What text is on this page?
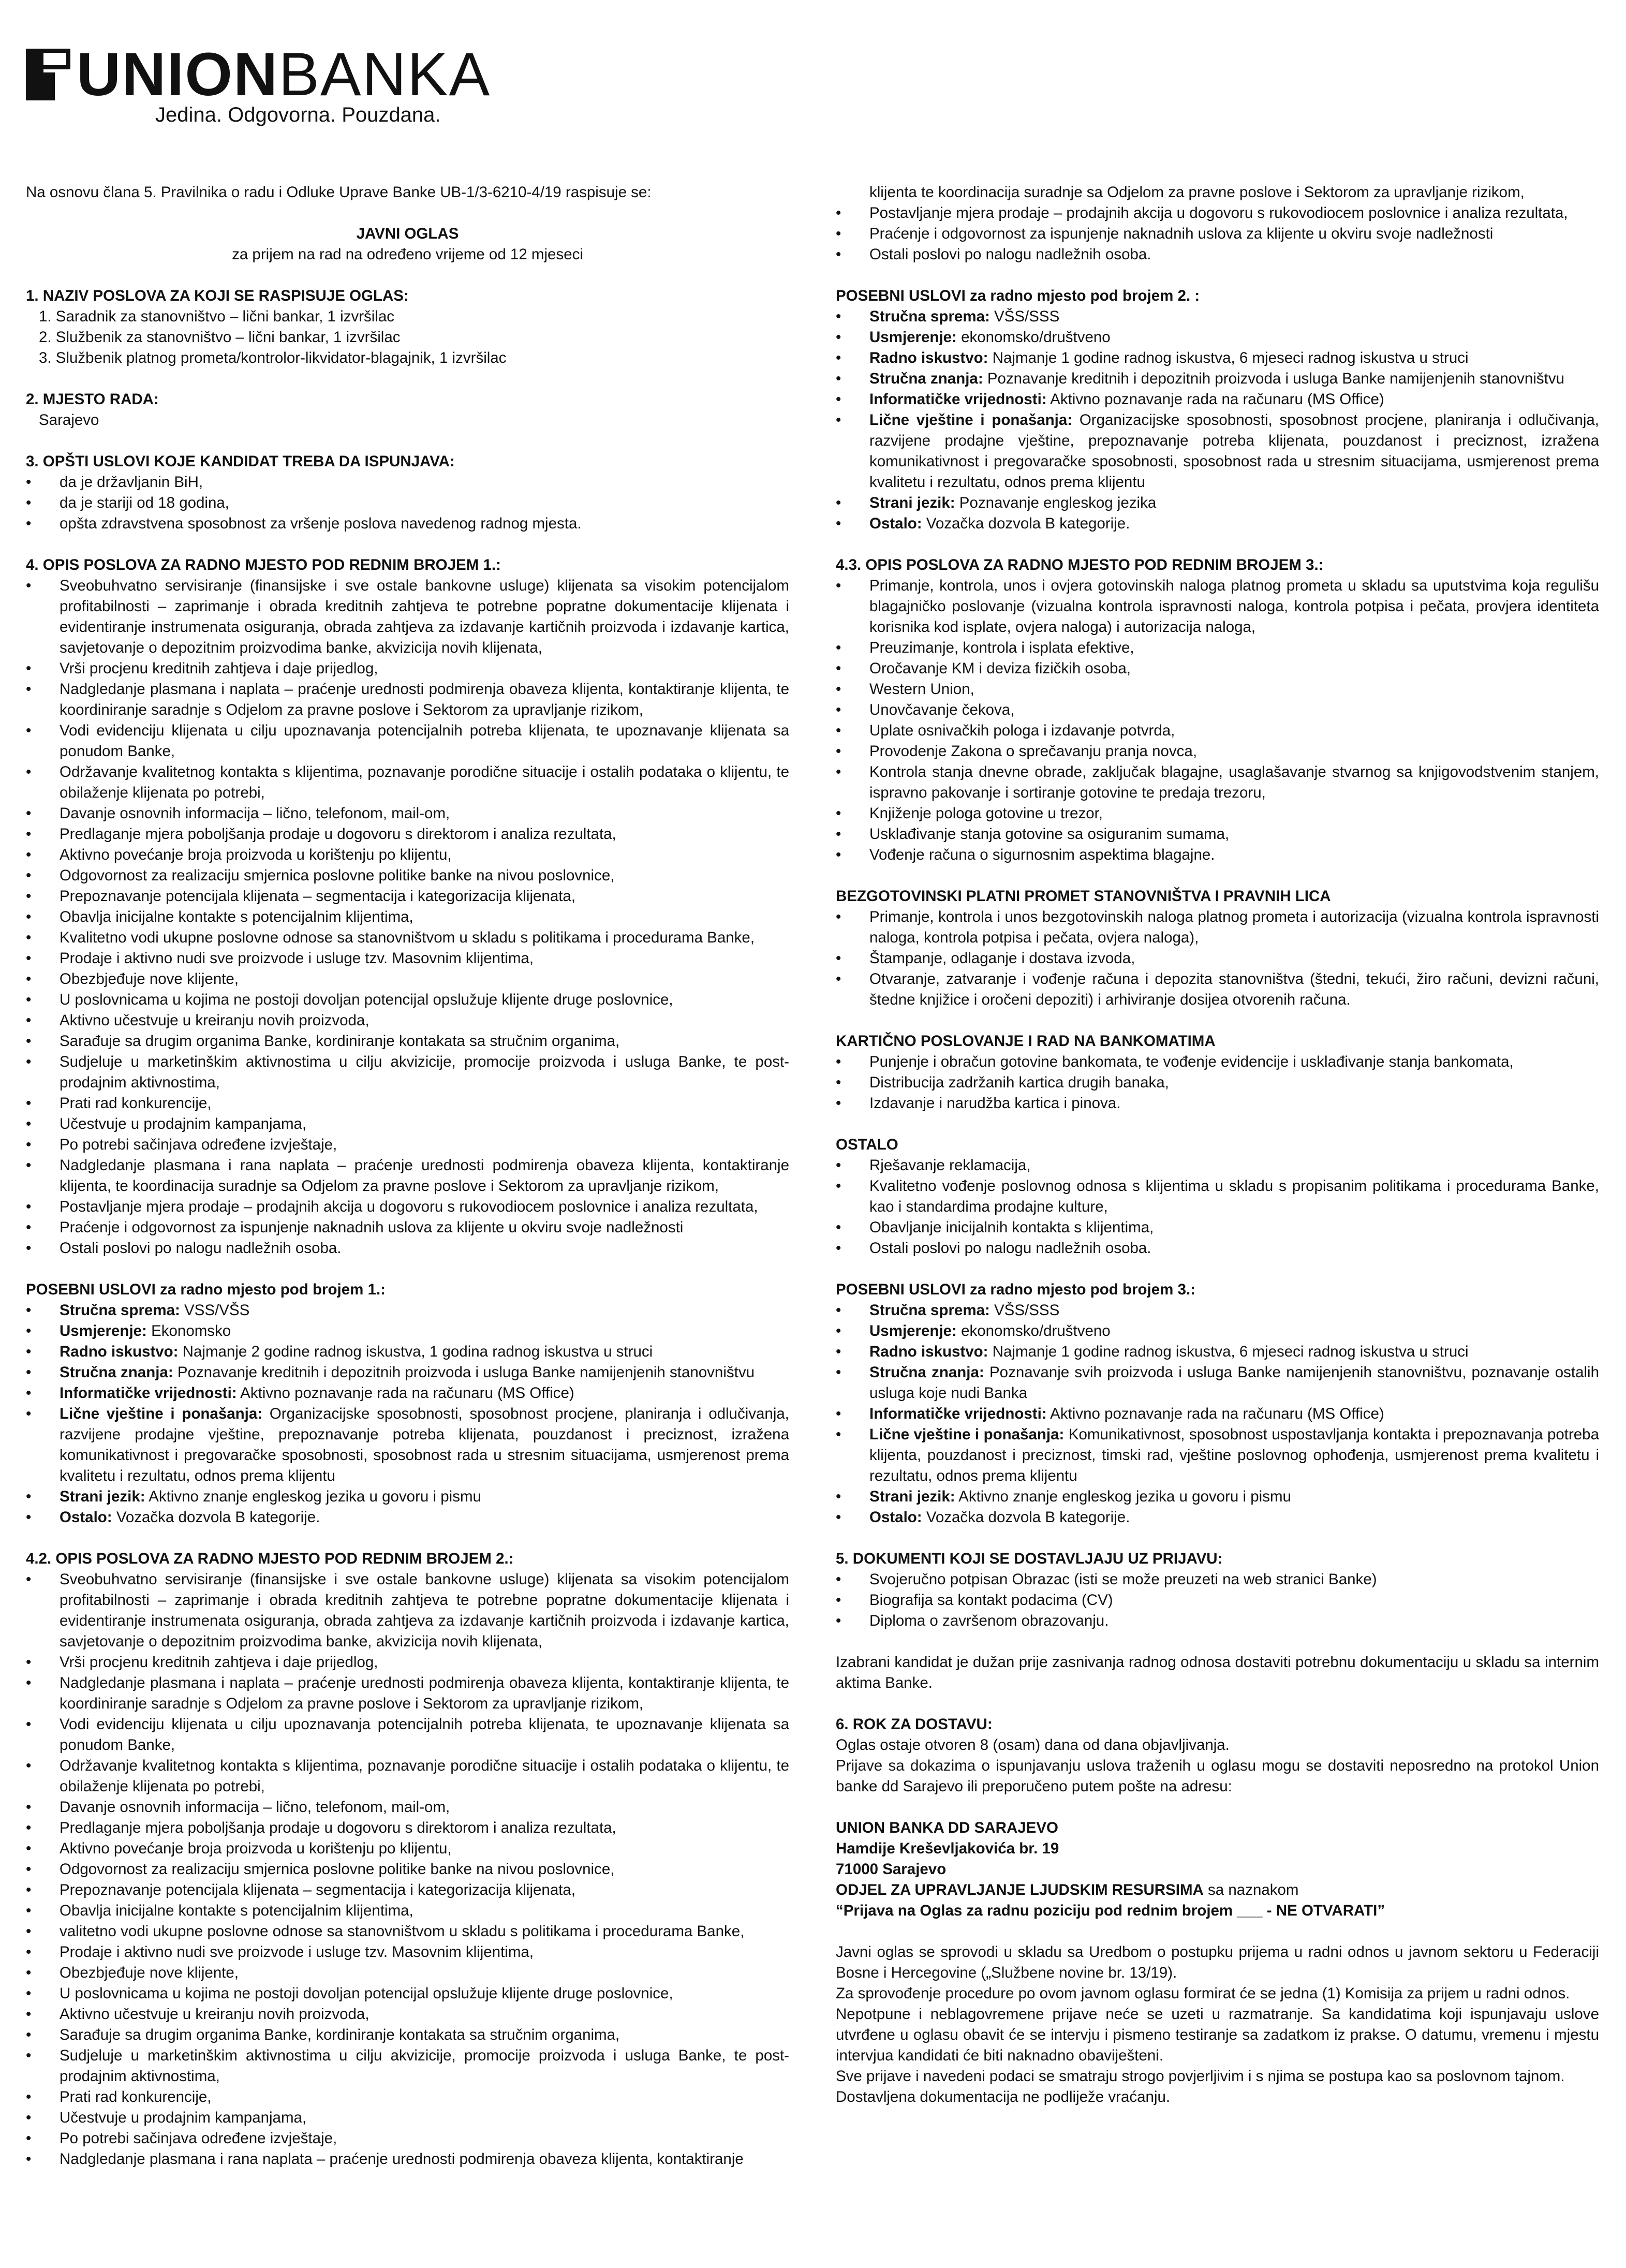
UNIONBANKA
Jedina. Odgovorna. Pouzdana.

Na osnovu člana 5. Pravilnika o radu i Odluke Uprave Banke UB-1/3-6210-4/19 raspisuje se:

JAVNI OGLAS

za prijem na rad na određeno vrijeme od 12 mjeseci

1. NAZIV POSLOVA ZA KOJI SE RASPISUJE OGLAS:

1. Saradnik za stanovništvo – lični bankar, 1 izvršilac
2. Službenik za stanovništvo – lični bankar, 1 izvršilac
3. Službenik platnog prometa/kontrolor-likvidator-blagajnik, 1 izvršilac

2. MJESTO RADA:

Sarajevo

3. OPŠTI USLOVI KOJE KANDIDAT TREBA DA ISPUNJAVA:

• da je državljanin BiH,
• da je stariji od 18 godina,
• opšta zdravstvena sposobnost za vršenje poslova navedenog radnog mjesta.

4. OPIS POSLOVA ZA RADNO MJESTO POD REDNIM BROJEM 1.:

• Sveobuhvatno servisiranje (finansijske i sve ostale bankovne usluge) klijenata sa visokim potencijalom profitabilnosti – zaprimanje i obrada kreditnih zahtjeva te potrebne popratne dokumentacije klijenata i evidentiranje instrumenata osiguranja, obrada zahtjeva za izdavanje kartičnih proizvoda i izdavanje kartica, savjetovanje o depozitnim proizvodima banke, akvizicija novih klijenata,
• Vrši procjenu kreditnih zahtjeva i daje prijedlog,
• Nadgledanje plasmana i naplata – praćenje urednosti podmirenja obaveza klijenta, kontaktiranje klijenta, te koordiniranje saradnje s Odjelom za pravne poslove i Sektorom za upravljanje rizikom,
• Vodi evidenciju klijenata u cilju upoznavanja potencijalnih potreba klijenata, te upoznavanje klijenata sa ponudom Banke,
• Održavanje kvalitetnog kontakta s klijentima, poznavanje porodične situacije i ostalih podataka o klijentu, te obilaženje klijenata po potrebi,
• Davanje osnovnih informacija – lično, telefonom, mail-om,
• Predlaganje mjera poboljšanja prodaje u dogovoru s direktorom i analiza rezultata,
• Aktivno povećanje broja proizvoda u korištenju po klijentu,
• Odgovornost za realizaciju smjernica poslovne politike banke na nivou poslovnice,
• Prepoznavanje potencijala klijenata – segmentacija i kategorizacija klijenata,
• Obavlja inicijalne kontakte s potencijalnim klijentima,
• Kvalitetno vodi ukupne poslovne odnose sa stanovništvom u skladu s politikama i procedurama Banke,
• Prodaje i aktivno nudi sve proizvode i usluge tzv. Masovnim klijentima,
• Obezbjeđuje nove klijente,
• U poslovnicama u kojima ne postoji dovoljan potencijal opslužuje klijente druge poslovnice,
• Aktivno učestvuje u kreiranju novih proizvoda,
• Sarađuje sa drugim organima Banke, kordiniranje kontakata sa stručnim organima,
• Sudjeluje u marketinškim aktivnostima u cilju akvizicije, promocije proizvoda i usluga Banke, te post-prodajnim aktivnostima,
• Prati rad konkurencije,
• Učestvuje u prodajnim kampanjama,
• Po potrebi sačinjava određene izvještaje,
• Nadgledanje plasmana i rana naplata – praćenje urednosti podmirenja obaveza klijenta, kontaktiranje klijenta, te koordinacija suradnje sa Odjelom za pravne poslove i Sektorom za upravljanje rizikom,
• Postavljanje mjera prodaje – prodajnih akcija u dogovoru s rukovodiocem poslovnice i analiza rezultata,
• Praćenje i odgovornost za ispunjenje naknadnih uslova za klijente u okviru svoje nadležnosti
• Ostali poslovi po nalogu nadležnih osoba.

POSEBNI USLOVI za radno mjesto pod brojem 1.:

• Stručna sprema: VSS/VŠS
• Usmjerenje: Ekonomsko
• Radno iskustvo: Najmanje 2 godine radnog iskustva, 1 godina radnog iskustva u struci
• Stručna znanja: Poznavanje kreditnih i depozitnih proizvoda i usluga Banke namijenjenih stanovništvu
• Informatičke vrijednosti: Aktivno poznavanje rada na računaru (MS Office)
• Lične vještine i ponašanja: Organizacijske sposobnosti, sposobnost procjene, planiranja i odlučivanja, razvijene prodajne vještine, prepoznavanje potreba klijenata, pouzdanost i preciznost, izražena komunikativnost i pregovaračke sposobnosti, sposobnost rada u stresnim situacijama, usmjerenost prema kvalitetu i rezultatu, odnos prema klijentu
• Strani jezik: Aktivno znanje engleskog jezika u govoru i pismu
• Ostalo: Vozačka dozvola B kategorije.

4.2. OPIS POSLOVA ZA RADNO MJESTO POD REDNIM BROJEM 2.:

• Sveobuhvatno servisiranje (finansijske i sve ostale bankovne usluge) klijenata sa visokim potencijalom profitabilnosti – zaprimanje i obrada kreditnih zahtjeva te potrebne popratne dokumentacije klijenata i evidentiranje instrumenata osiguranja, obrada zahtjeva za izdavanje kartičnih proizvoda i izdavanje kartica, savjetovanje o depozitnim proizvodima banke, akvizicija novih klijenata,
• Vrši procjenu kreditnih zahtjeva i daje prijedlog,
• Nadgledanje plasmana i naplata – praćenje urednosti podmirenja obaveza klijenta, kontaktiranje klijenta, te koordiniranje saradnje s Odjelom za pravne poslove i Sektorom za upravljanje rizikom,
• Vodi evidenciju klijenata u cilju upoznavanja potencijalnih potreba klijenata, te upoznavanje klijenata sa ponudom Banke,
• Održavanje kvalitetnog kontakta s klijentima, poznavanje porodične situacije i ostalih podataka o klijentu, te obilaženje klijenata po potrebi,
• Davanje osnovnih informacija – lično, telefonom, mail-om,
• Predlaganje mjera poboljšanja prodaje u dogovoru s direktorom i analiza rezultata,
• Aktivno povećanje broja proizvoda u korištenju po klijentu,
• Odgovornost za realizaciju smjernica poslovne politike banke na nivou poslovnice,
• Prepoznavanje potencijala klijenata – segmentacija i kategorizacija klijenata,
• Obavlja inicijalne kontakte s potencijalnim klijentima,
• valitetno vodi ukupne poslovne odnose sa stanovništvom u skladu s politikama i procedurama Banke,
• Prodaje i aktivno nudi sve proizvode i usluge tzv. Masovnim klijentima,
• Obezbjeđuje nove klijente,
• U poslovnicama u kojima ne postoji dovoljan potencijal opslužuje klijente druge poslovnice,
• Aktivno učestvuje u kreiranju novih proizvoda,
• Sarađuje sa drugim organima Banke, kordiniranje kontakata sa stručnim organima,
• Sudjeluje u marketinškim aktivnostima u cilju akvizicije, promocije proizvoda i usluga Banke, te post-prodajnim aktivnostima,
• Prati rad konkurencije,
• Učestvuje u prodajnim kampanjama,
• Po potrebi sačinjava određene izvještaje,
• Nadgledanje plasmana i rana naplata – praćenje urednosti podmirenja obaveza klijenta, kontaktiranje

klijenta te koordinacija suradnje sa Odjelom za pravne poslove i Sektorom za upravljanje rizikom,

• Postavljanje mjera prodaje – prodajnih akcija u dogovoru s rukovodiocem poslovnice i analiza rezultata,
• Praćenje i odgovornost za ispunjenje naknadnih uslova za klijente u okviru svoje nadležnosti
• Ostali poslovi po nalogu nadležnih osoba.

POSEBNI USLOVI za radno mjesto pod brojem 2. :

• Stručna sprema: VŠS/SSS
• Usmjerenje: ekonomsko/društveno
• Radno iskustvo: Najmanje 1 godine radnog iskustva, 6 mjeseci radnog iskustva u struci
• Stručna znanja: Poznavanje kreditnih i depozitnih proizvoda i usluga Banke namijenjenih stanovništvu
• Informatičke vrijednosti: Aktivno poznavanje rada na računaru (MS Office)
• Lične vještine i ponašanja: Organizacijske sposobnosti, sposobnost procjene, planiranja i odlučivanja, razvijene prodajne vještine, prepoznavanje potreba klijenata, pouzdanost i preciznost, izražena komunikativnost i pregovaračke sposobnosti, sposobnost rada u stresnim situacijama, usmjerenost prema kvalitetu i rezultatu, odnos prema klijentu
• Strani jezik: Poznavanje engleskog jezika
• Ostalo: Vozačka dozvola B kategorije.

4.3. OPIS POSLOVA ZA RADNO MJESTO POD REDNIM BROJEM 3.:

• Primanje, kontrola, unos i ovjera gotovinskih naloga platnog prometa u skladu sa uputstvima koja regulišu blagajničko poslovanje (vizualna kontrola ispravnosti naloga, kontrola potpisa i pečata, provjera identiteta korisnika kod isplate, ovjera naloga) i autorizacija naloga,
• Preuzimanje, kontrola i isplata efektive,
• Oročavanje KM i deviza fizičkih osoba,
• Western Union,
• Unovčavanje čekova,
• Uplate osnivačkih pologa i izdavanje potvrda,
• Provodenje Zakona o sprečavanju pranja novca,
• Kontrola stanja dnevne obrade, zaključak blagajne, usaglašavanje stvarnog sa knjigovodstvenim stanjem, ispravno pakovanje i sortiranje gotovine te predaja trezoru,
• Knjiženje pologa gotovine u trezor,
• Usklađivanje stanja gotovine sa osiguranim sumama,
• Vođenje računa o sigurnosnim aspektima blagajne.

BEZGOTOVINSKI PLATNI PROMET STANOVNIŠTVA I PRAVNIH LICA

• Primanje, kontrola i unos bezgotovinskih naloga platnog prometa i autorizacija (vizualna kontrola ispravnosti naloga, kontrola potpisa i pečata, ovjera naloga),
• Štampanje, odlaganje i dostava izvoda,
• Otvaranje, zatvaranje i vođenje računa i depozita stanovništva (štedni, tekući, žiro računi, devizni računi, štedne knjižice i oročeni depoziti) i arhiviranje dosijea otvorenih računa.

KARTIČNO POSLOVANJE I RAD NA BANKOMATIMA

• Punjenje i obračun gotovine bankomata, te vođenje evidencije i usklađivanje stanja bankomata,
• Distribucija zadržanih kartica drugih banaka,
• Izdavanje i narudžba kartica i pinova.

OSTALO

• Rješavanje reklamacija,
• Kvalitetno vođenje poslovnog odnosa s klijentima u skladu s propisanim politikama i procedurama Banke, kao i standardima prodajne kulture,
• Obavljanje inicijalnih kontakta s klijentima,
• Ostali poslovi po nalogu nadležnih osoba.

POSEBNI USLOVI za radno mjesto pod brojem 3.:

• Stručna sprema: VŠS/SSS
• Usmjerenje: ekonomsko/društveno
• Radno iskustvo: Najmanje 1 godine radnog iskustva, 6 mjeseci radnog iskustva u struci
• Stručna znanja: Poznavanje svih proizvoda i usluga Banke namijenjenih stanovništvu, poznavanje ostalih usluga koje nudi Banka
• Informatičke vrijednosti: Aktivno poznavanje rada na računaru (MS Office)
• Lične vještine i ponašanja: Komunikativnost, sposobnost uspostavljanja kontakta i prepoznavanja potreba klijenta, pouzdanost i preciznost, timski rad, vještine poslovnog ophođenja, usmjerenost prema kvalitetu i rezultatu, odnos prema klijentu
• Strani jezik: Aktivno znanje engleskog jezika u govoru i pismu
• Ostalo: Vozačka dozvola B kategorije.

5. DOKUMENTI KOJI SE DOSTAVLJAJU UZ PRIJAVU:

• Svojeručno potpisan Obrazac (isti se može preuzeti na web stranici Banke)
• Biografija sa kontakt podacima (CV)
• Diploma o završenom obrazovanju.

Izabrani kandidat je dužan prije zasnivanja radnog odnosa dostaviti potrebnu dokumentaciju u skladu sa internim aktima Banke.

6. ROK ZA DOSTAVU:

Oglas ostaje otvoren 8 (osam) dana od dana objavljivanja.

Prijave sa dokazima o ispunjavanju uslova traženih u oglasu mogu se dostaviti neposredno na protokol Union banke dd Sarajevo ili preporučeno putem pošte na adresu:

UNION BANKA DD SARAJEVO

Hamdije Kreševljakovića br. 19

71000 Sarajevo

ODJEL ZA UPRAVLJANJE LJUDSKIM RESURSIMA sa naznakom

“Prijava na Oglas za radnu poziciju pod rednim brojem ___ - NE OTVARATI”

Javni oglas se sprovodi u skladu sa Uredbom o postupku prijema u radni odnos u javnom sektoru u Federaciji Bosne i Hercegovine („Službene novine br. 13/19).

Za sprovođenje procedure po ovom javnom oglasu formirat će se jedna (1) Komisija za prijem u radni odnos.

Nepotpune i neblagovremene prijave neće se uzeti u razmatranje. Sa kandidatima koji ispunjavaju uslove utvrđene u oglasu obavit će se intervju i pismeno testiranje sa zadatkom iz prakse. O datumu, vremenu i mjestu intervjua kandidati će biti naknadno obaviješteni.

Sve prijave i navedeni podaci se smatraju strogo povjerljivim i s njima se postupa kao sa poslovnom tajnom.

Dostavljena dokumentacija ne podliježe vraćanju.
